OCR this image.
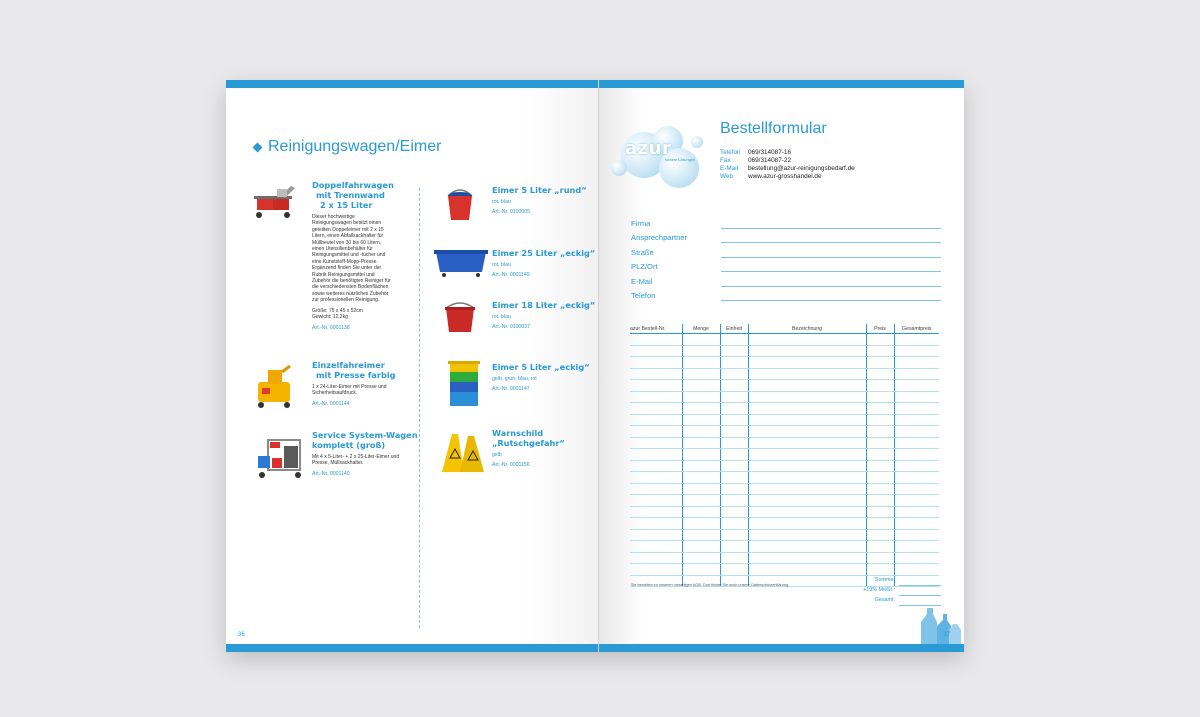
Reinigungswagen/Eimer
Doppelfahrwagen
mit Trennwand
2 x 15 Liter
Dieser hochwertige Reinigungswagen besitzt einen geteilten Doppeleimer mit 2 x 15 Litern, einen Abfallsackhalter für Müllbeutel von 30 bis 60 Litern, einen Utensilienbehälter für Reinigungsmittel und -tücher und eine Kunststoff-Mopp-Presse. Ergänzend finden Sie unter der Rubrik Reinigungsmittel und Zubehör die benötigten Reiniger für die verschiedensten Bodenflächen sowie weiteres nützliches Zubehör zur professionellen Reinigung.
Größe: 75 x 45 x 52cm
Gewicht: 12,2kg
Art.-Nr. 0001138
Einzelfahreimer
mit Presse farbig
1 x 24-Liter-Eimer mit Presse und Sicherheitsaufdruck.
Art.-Nr. 0001144
Service System-Wagen
komplett (groß)
Mit 4 x 5-Liter- + 2 x 25-Liter-Eimer und Presse, Müllsackhalter.
Art.-Nr. 0001140
Eimer 5 Liter „rund“
rot, blau
Art.-Nr. 0100005
Eimer 25 Liter „eckig“
rot, blau
Art.-Nr. 0001149
Eimer 18 Liter „eckig“
rot, blau
Art.-Nr. 0100037
Eimer 5 Liter „eckig“
gelb, grün, blau, rot
Art.-Nr. 0001147
Warnschild
„Rutschgefahr“
gelb
Art.-Nr. 0001156
36
azur
sichere Lösungen
Bestellformular
Telefon 069/314087-16
Fax	069/314087-22
E-Mail bestellung@azur-reinigungsbedarf.de
Web www.azur-grosshandel.de
Firma
Ansprechpartner
Straße
PLZ/Ort
E-Mail
Telefon
azur Bestell-Nr.	Menge	Einheit	Bezeichnung	Preis	Gesamtpreis

Sie bestellen zu unseren umseitigen AGB. Dort finden Sie auch unsere Datenschutzerklärung.
Summe:
+19% MwSt.:
Gesamt:
37
